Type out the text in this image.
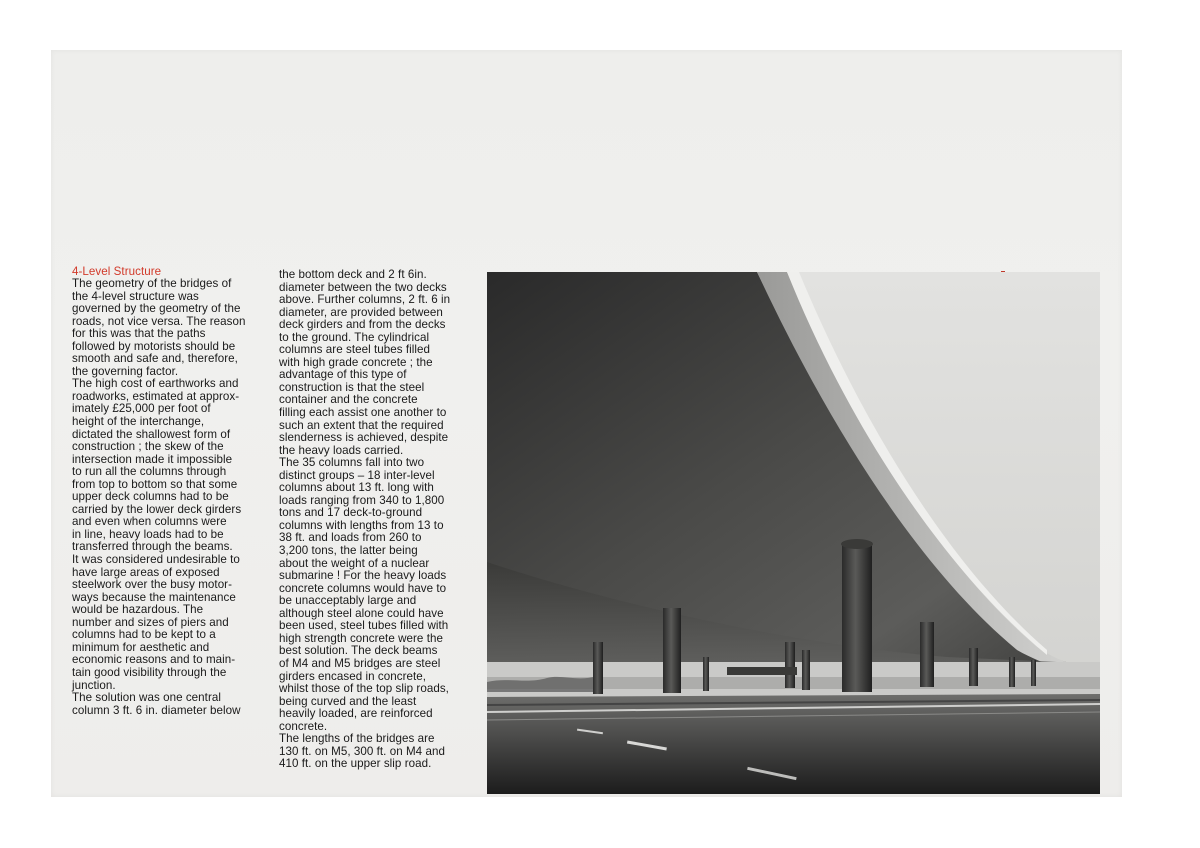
4-Level Structure
The geometry of the bridges of
the 4-level structure was
governed by the geometry of the
roads, not vice versa. The reason
for this was that the paths
followed by motorists should be
smooth and safe and, therefore,
the governing factor.
The high cost of earthworks and
roadworks, estimated at approx-
imately £25,000 per foot of
height of the interchange,
dictated the shallowest form of
construction ; the skew of the
intersection made it impossible
to run all the columns through
from top to bottom so that some
upper deck columns had to be
carried by the lower deck girders
and even when columns were
in line, heavy loads had to be
transferred through the beams.
It was considered undesirable to
have large areas of exposed
steelwork over the busy motor-
ways because the maintenance
would be hazardous. The
number and sizes of piers and
columns had to be kept to a
minimum for aesthetic and
economic reasons and to main-
tain good visibility through the
junction.
The solution was one central
column 3 ft. 6 in. diameter below
the bottom deck and 2 ft 6in.
diameter between the two decks
above. Further columns, 2 ft. 6 in
diameter, are provided between
deck girders and from the decks
to the ground. The cylindrical
columns are steel tubes filled
with high grade concrete ; the
advantage of this type of
construction is that the steel
container and the concrete
filling each assist one another to
such an extent that the required
slenderness is achieved, despite
the heavy loads carried.
The 35 columns fall into two
distinct groups – 18 inter-level
columns about 13 ft. long with
loads ranging from 340 to 1,800
tons and 17 deck-to-ground
columns with lengths from 13 to
38 ft. and loads from 260 to
3,200 tons, the latter being
about the weight of a nuclear
submarine ! For the heavy loads
concrete columns would have to
be unacceptably large and
although steel alone could have
been used, steel tubes filled with
high strength concrete were the
best solution. The deck beams
of M4 and M5 bridges are steel
girders encased in concrete,
whilst those of the top slip roads,
being curved and the least
heavily loaded, are reinforced
concrete.
The lengths of the bridges are
130 ft. on M5, 300 ft. on M4 and
410 ft. on the upper slip road.
